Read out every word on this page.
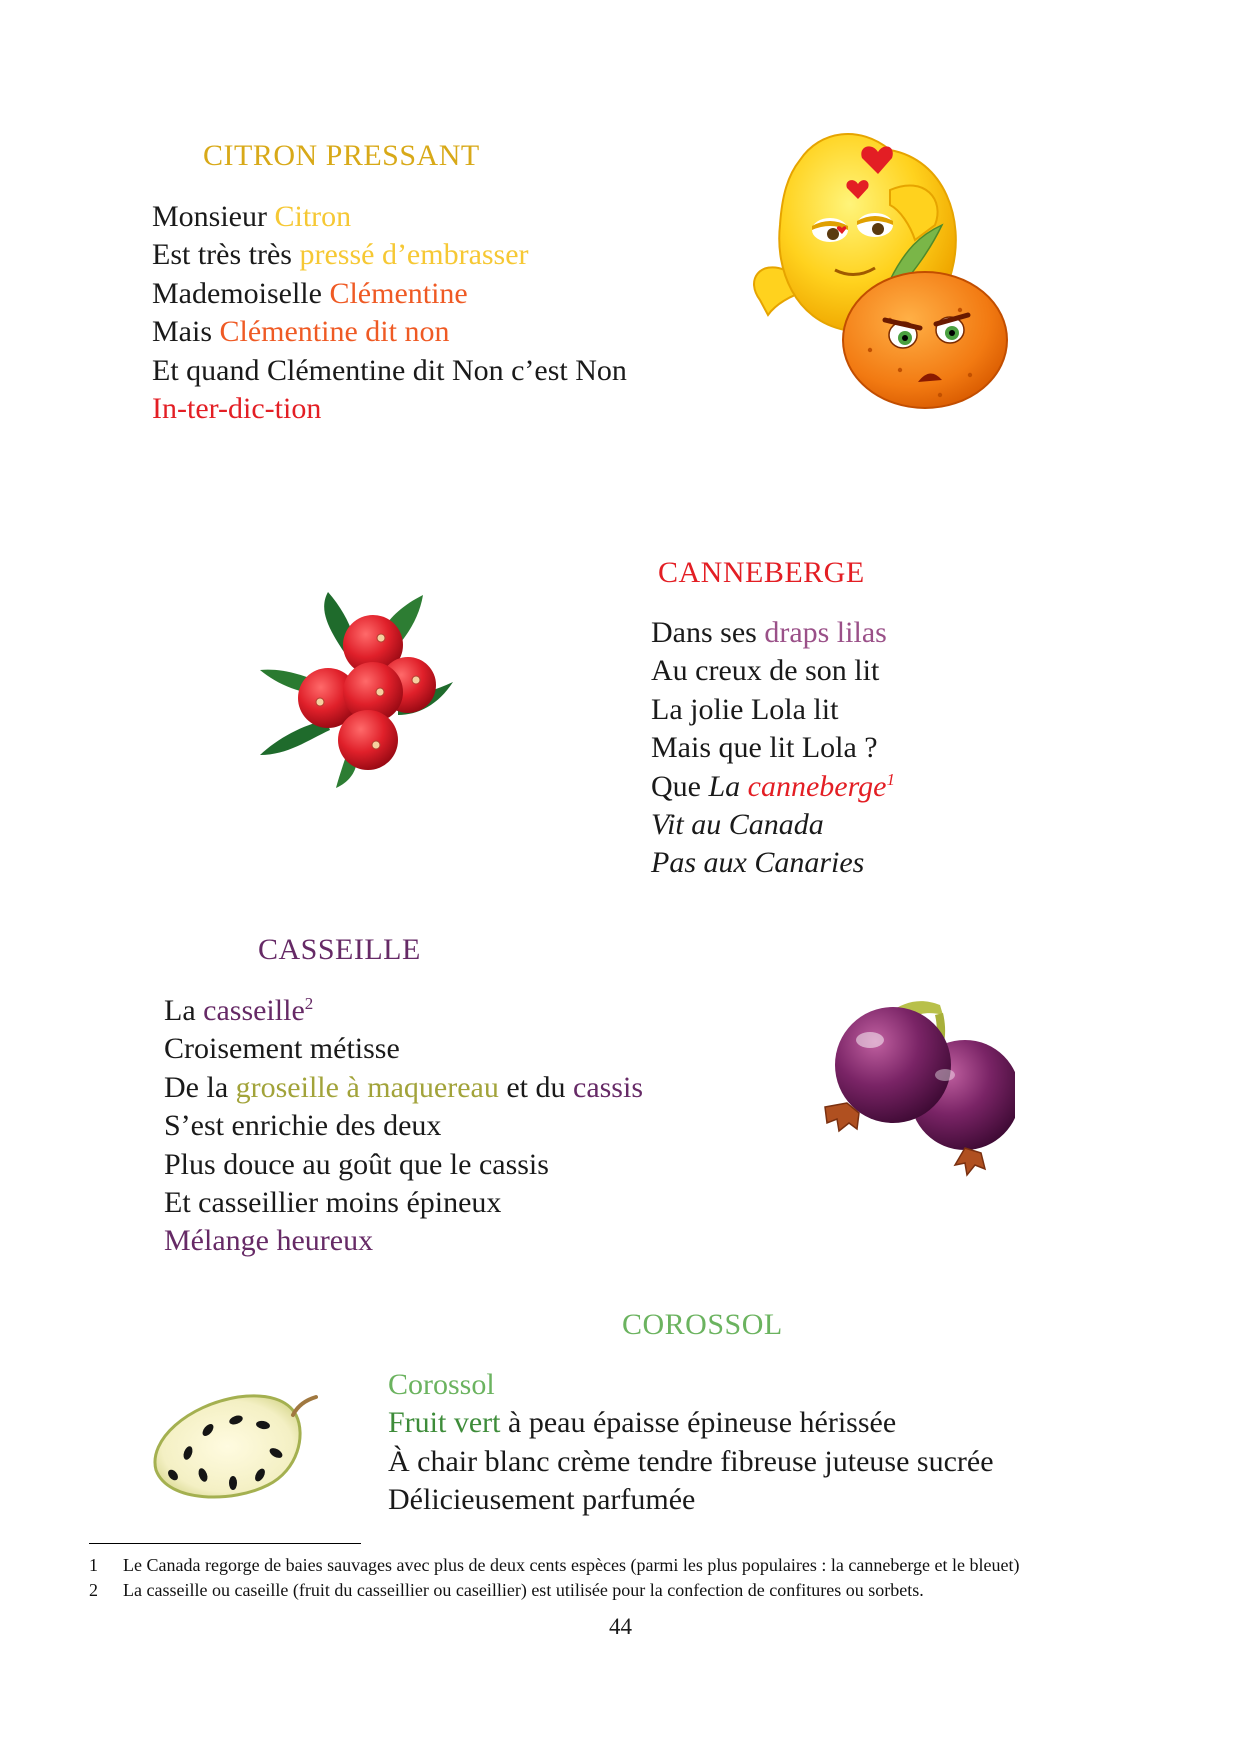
CITRON PRESSANT
Monsieur Citron
Est très très pressé d’embrasser
Mademoiselle Clémentine
Mais Clémentine dit non
Et quand Clémentine dit Non c’est Non
In-ter-dic-tion
CANNEBERGE
Dans ses draps lilas
Au creux de son lit
La jolie Lola lit
Mais que lit Lola ?
Que La canneberge$^1$
Vit au Canada
Pas aux Canaries
CASSEILLE
La casseille$^2$
Croisement métisse
De la groseille à maquereau et du cassis
S’est enrichie des deux
Plus douce au goût que le cassis
Et casseillier moins épineux
Mélange heureux
COROSSOL
Corossol
Fruit vert à peau épaisse épineuse hérissée
À chair blanc crème tendre fibreuse juteuse sucrée
Délicieusement parfumée
1 Le Canada regorge de baies sauvages avec plus de deux cents espèces (parmi les plus populaires : la canneberge et le bleuet)
2 La casseille ou caseille (fruit du casseillier ou caseillier) est utilisée pour la confection de confitures ou sorbets.
44
